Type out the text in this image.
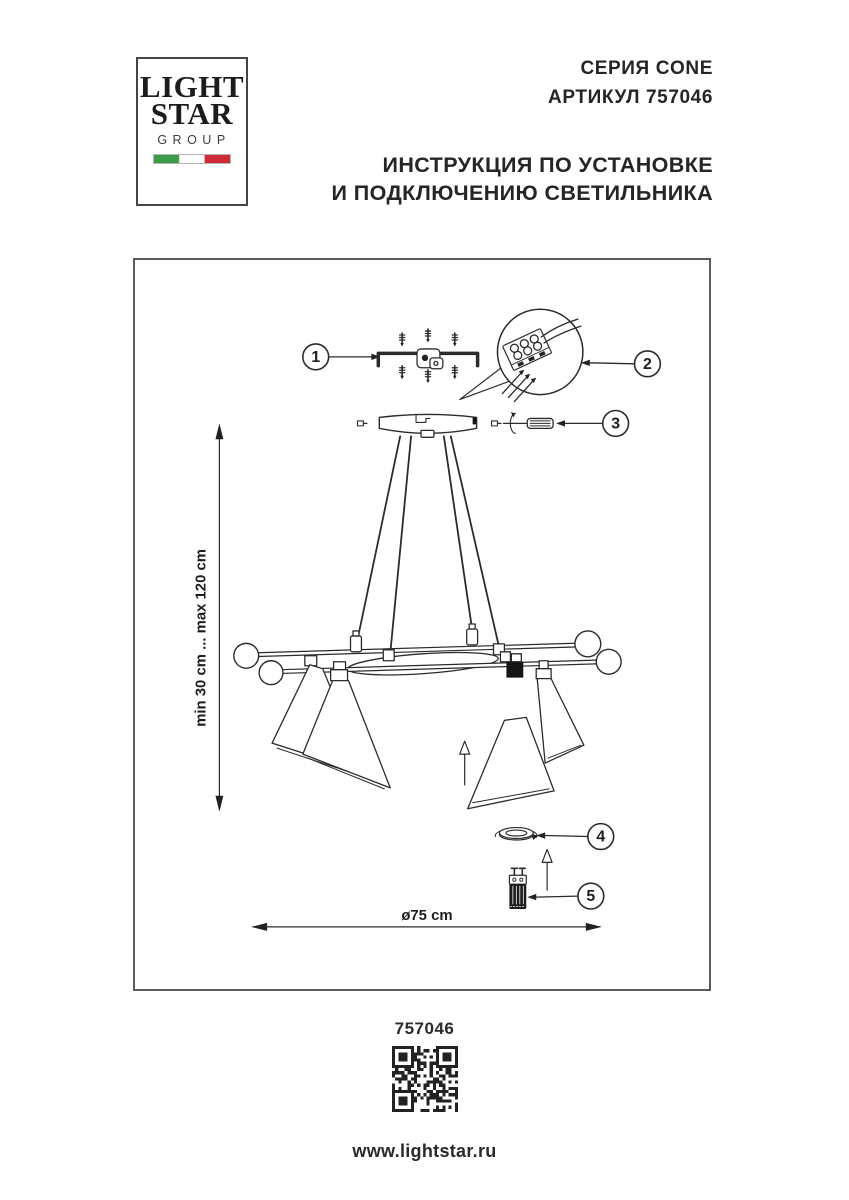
LIGHT
STAR
GROUP

СЕРИЯ CONE

АРТИКУЛ 757046

ИНСТРУКЦИЯ ПО УСТАНОВКЕ

И ПОДКЛЮЧЕНИЮ СВЕТИЛЬНИКА

1	2
3
4
5
min 30 cm ... max 120 cm
ø75 cm
757046
www.lightstar.ru
